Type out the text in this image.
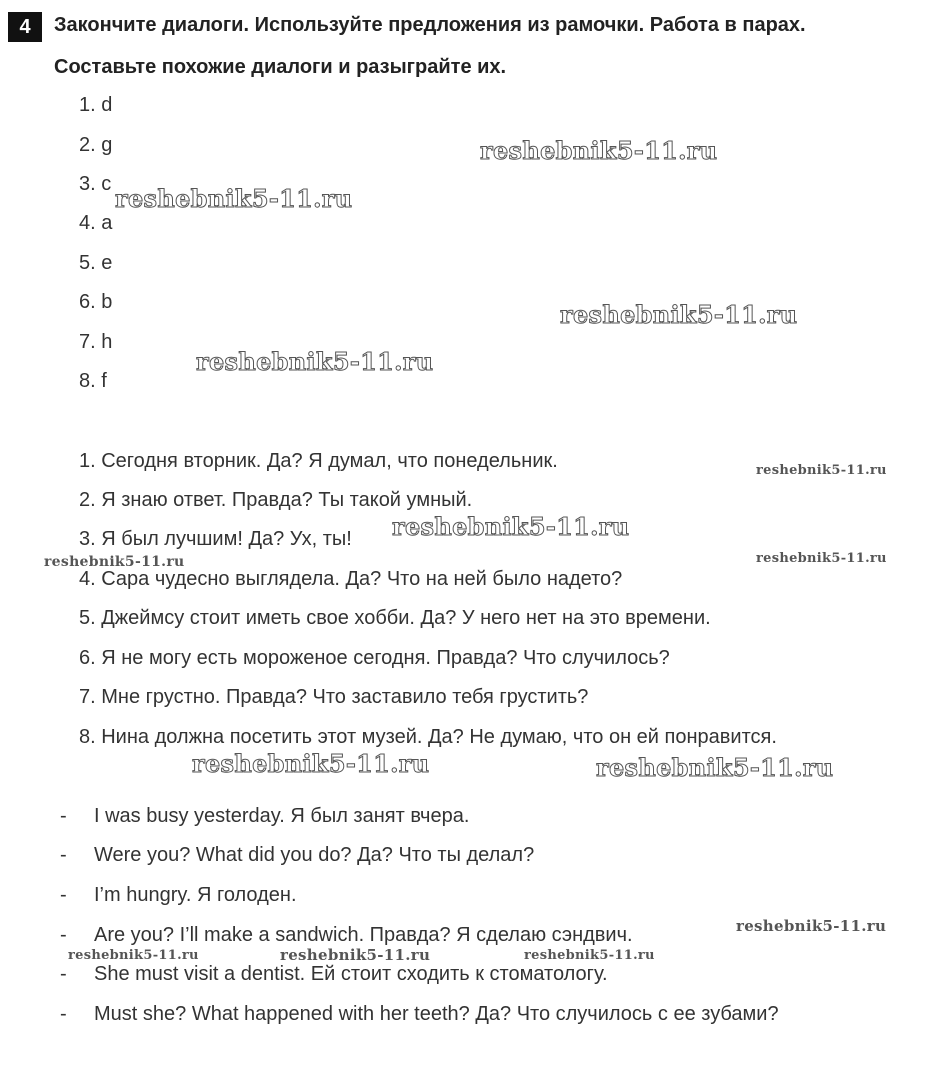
4	Закончите диалоги. Используйте предложения из рамочки. Работа в парах.
Составьте похожие диалоги и разыграйте их.
1. d
2. g
3. c
4. a
5. e
6. b
7. h
8. f
1. Сегодня вторник. Да? Я думал, что понедельник.
2. Я знаю ответ. Правда? Ты такой умный.
3. Я был лучшим! Да? Ух, ты!
4. Сара чудесно выглядела. Да? Что на ней было надето?
5. Джеймсу стоит иметь свое хобби. Да? У него нет на это времени.
6. Я не могу есть мороженое сегодня. Правда? Что случилось?
7. Мне грустно. Правда? Что заставило тебя грустить?
8. Нина должна посетить этот музей. Да? Не думаю, что он ей понравится.
- I was busy yesterday. Я был занят вчера.
- Were you? What did you do? Да? Что ты делал?
- I’m hungry. Я голоден.
- Are you? I’ll make a sandwich. Правда? Я сделаю сэндвич.
- She must visit a dentist. Ей стоит сходить к стоматологу.
- Must she? What happened with her teeth? Да? Что случилось с ее зубами?
reshebnik5-11.ru
reshebnik5-11.ru
reshebnik5-11.ru
reshebnik5-11.ru
reshebnik5-11.ru
reshebnik5-11.ru
reshebnik5-11.ru	reshebnik5-11.ru
reshebnik5-11.ru	reshebnik5-11.ru
reshebnik5-11.ru
reshebnik5-11.ru	reshebnik5-11.ru	reshebnik5-11.ru
